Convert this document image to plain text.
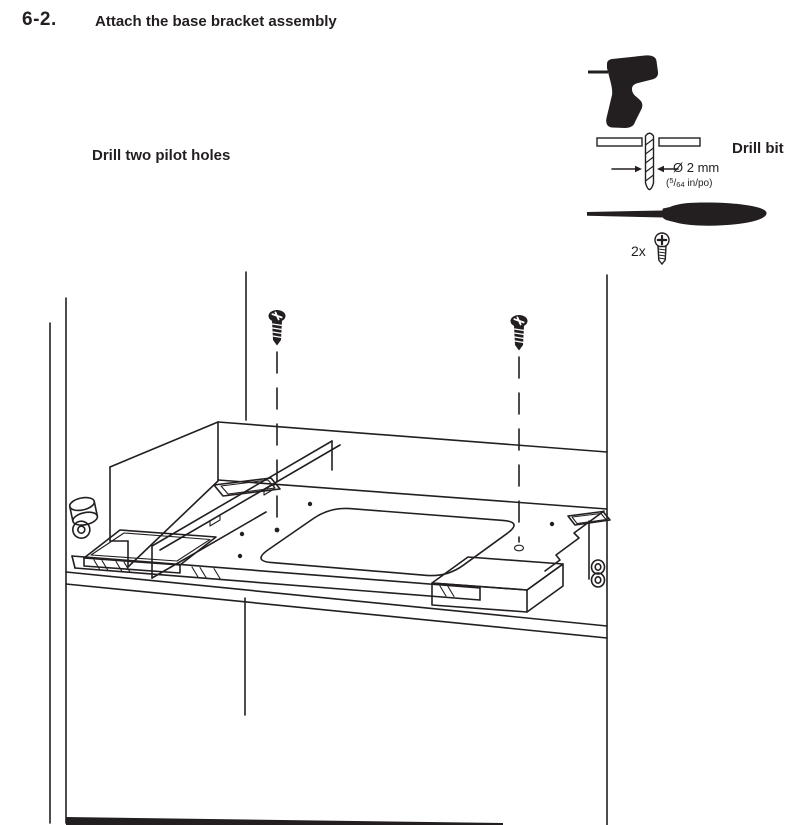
6-2.	Attach the base bracket assembly
Drill two pilot holes	Drill bit
Ø 2 mm
($^5$/64 in/po)
2x
